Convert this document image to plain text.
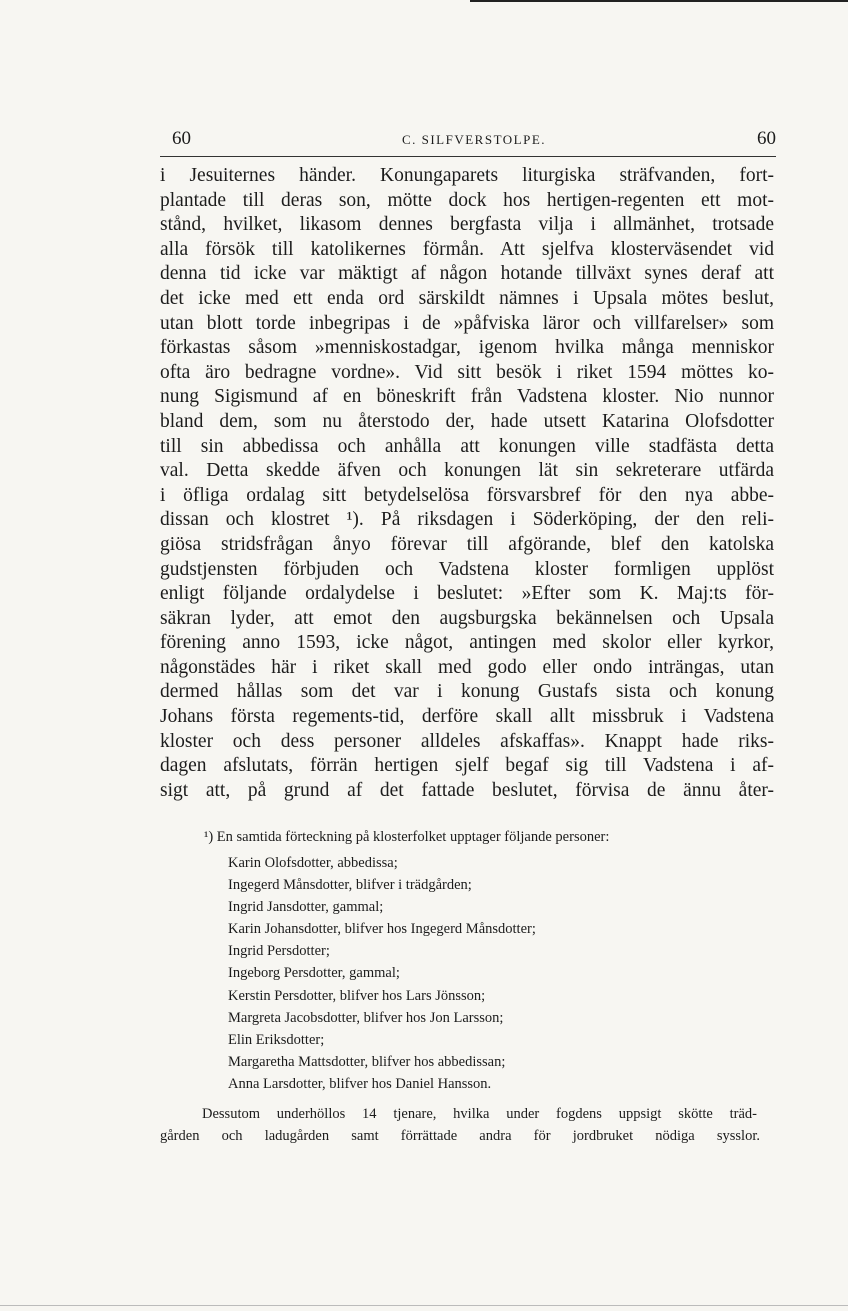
60	C. SILFVERSTOLPE.	60
i Jesuiternes händer. Konungaparets liturgiska sträfvanden, fort-
plantade till deras son, mötte dock hos hertigen-regenten ett mot-
stånd, hvilket, likasom dennes bergfasta vilja i allmänhet, trotsade
alla försök till katolikernes förmån. Att sjelfva klosterväsendet vid
denna tid icke var mäktigt af någon hotande tillväxt synes deraf att
det icke med ett enda ord särskildt nämnes i Upsala mötes beslut,
utan blott torde inbegripas i de »påfviska läror och villfarelser» som
förkastas såsom »menniskostadgar, igenom hvilka många menniskor
ofta äro bedragne vordne». Vid sitt besök i riket 1594 möttes ko-
nung Sigismund af en böneskrift från Vadstena kloster. Nio nunnor
bland dem, som nu återstodo der, hade utsett Katarina Olofsdotter
till sin abbedissa och anhålla att konungen ville stadfästa detta
val. Detta skedde äfven och konungen lät sin sekreterare utfärda
i öfliga ordalag sitt betydelselösa försvarsbref för den nya abbe-
dissan och klostret ¹). På riksdagen i Söderköping, der den reli-
giösa stridsfrågan ånyo förevar till afgörande, blef den katolska
gudstjensten förbjuden och Vadstena kloster formligen upplöst
enligt följande ordalydelse i beslutet: »Efter som K. Maj:ts för-
säkran lyder, att emot den augsburgska bekännelsen och Upsala
förening anno 1593, icke något, antingen med skolor eller kyrkor,
någonstädes här i riket skall med godo eller ondo inträngas, utan
dermed hållas som det var i konung Gustafs sista och konung
Johans första regements-tid, derföre skall allt missbruk i Vadstena
kloster och dess personer alldeles afskaffas». Knappt hade riks-
dagen afslutats, förrän hertigen sjelf begaf sig till Vadstena i af-
sigt att, på grund af det fattade beslutet, förvisa de ännu åter-
¹) En samtida förteckning på klosterfolket upptager följande personer:
Karin Olofsdotter, abbedissa;
Ingegerd Månsdotter, blifver i trädgården;
Ingrid Jansdotter, gammal;
Karin Johansdotter, blifver hos Ingegerd Månsdotter;
Ingrid Persdotter;
Ingeborg Persdotter, gammal;
Kerstin Persdotter, blifver hos Lars Jönsson;
Margreta Jacobsdotter, blifver hos Jon Larsson;
Elin Eriksdotter;
Margaretha Mattsdotter, blifver hos abbedissan;
Anna Larsdotter, blifver hos Daniel Hansson.
Dessutom underhöllos 14 tjenare, hvilka under fogdens uppsigt skötte träd-
gården och ladugården samt förrättade andra för jordbruket nödiga sysslor.
